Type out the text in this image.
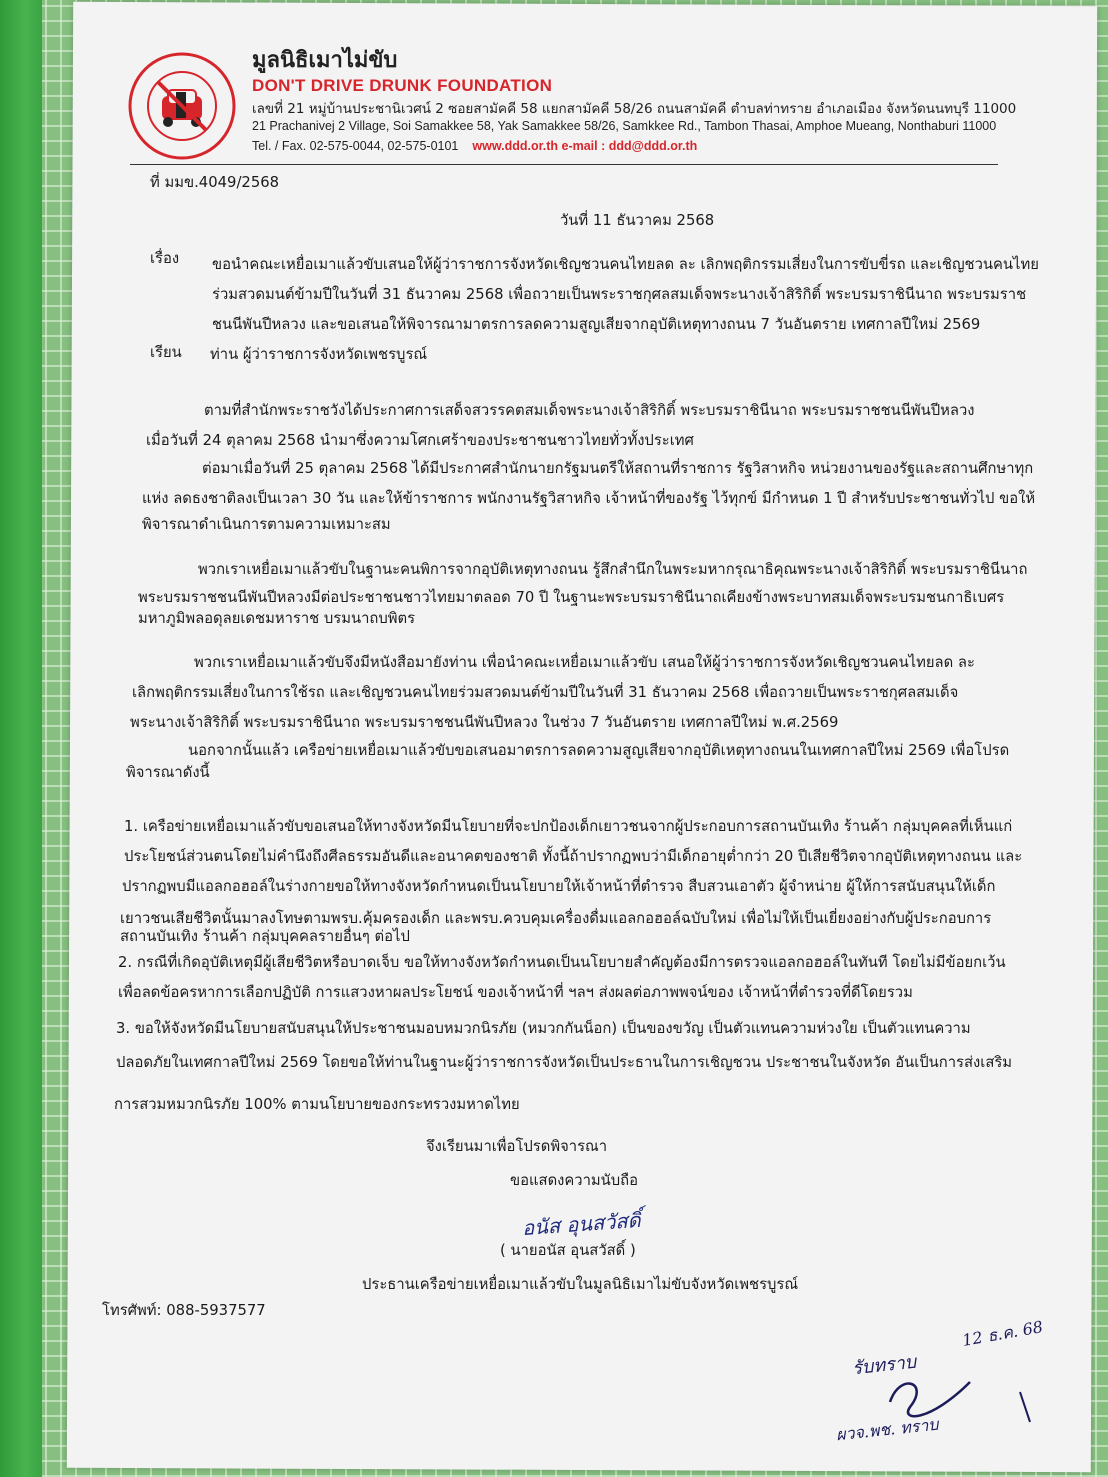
มูลนิธิเมาไม่ขับ
DON'T DRIVE DRUNK FOUNDATION
เลขที่ 21 หมู่บ้านประชานิเวศน์ 2 ซอยสามัคคี 58 แยกสามัคคี 58/26 ถนนสามัคคี ตำบลท่าทราย อำเภอเมือง จังหวัดนนทบุรี 11000
21 Prachanivej 2 Village, Soi Samakkee 58, Yak Samakkee 58/26, Samkkee Rd., Tambon Thasai, Amphoe Mueang, Nonthaburi 11000
Tel. / Fax. 02-575-0044, 02-575-0101 www.ddd.or.th e-mail : ddd@ddd.or.th
ที่ มมข.4049/2568
วันที่ 11 ธันวาคม 2568
เรื่อง ขอนำคณะเหยื่อเมาแล้วขับเสนอให้ผู้ว่าราชการจังหวัดเชิญชวนคนไทยลด ละ เลิกพฤติกรรมเสี่ยงในการขับขี่รถ และเชิญชวนคนไทย
ร่วมสวดมนต์ข้ามปีในวันที่ 31 ธันวาคม 2568 เพื่อถวายเป็นพระราชกุศลสมเด็จพระนางเจ้าสิริกิติ์ พระบรมราชินีนาถ พระบรมราช
ชนนีพันปีหลวง และขอเสนอให้พิจารณามาตรการลดความสูญเสียจากอุบัติเหตุทางถนน 7 วันอันตราย เทศกาลปีใหม่ 2569
เรียน ท่าน ผู้ว่าราชการจังหวัดเพชรบูรณ์
ตามที่สำนักพระราชวังได้ประกาศการเสด็จสวรรคตสมเด็จพระนางเจ้าสิริกิติ์ พระบรมราชินีนาถ พระบรมราชชนนีพันปีหลวง
เมื่อวันที่ 24 ตุลาคม 2568 นำมาซึ่งความโศกเศร้าของประชาชนชาวไทยทั่วทั้งประเทศ
ต่อมาเมื่อวันที่ 25 ตุลาคม 2568 ได้มีประกาศสำนักนายกรัฐมนตรีให้สถานที่ราชการ รัฐวิสาหกิจ หน่วยงานของรัฐและสถานศึกษาทุก
แห่ง ลดธงชาติลงเป็นเวลา 30 วัน และให้ข้าราชการ พนักงานรัฐวิสาหกิจ เจ้าหน้าที่ของรัฐ ไว้ทุกข์ มีกำหนด 1 ปี สำหรับประชาชนทั่วไป ขอให้
พิจารณาดำเนินการตามความเหมาะสม
พวกเราเหยื่อเมาแล้วขับในฐานะคนพิการจากอุบัติเหตุทางถนน รู้สึกสำนึกในพระมหากรุณาธิคุณพระนางเจ้าสิริกิติ์ พระบรมราชินีนาถ
พระบรมราชชนนีพันปีหลวงมีต่อประชาชนชาวไทยมาตลอด 70 ปี ในฐานะพระบรมราชินีนาถเคียงข้างพระบาทสมเด็จพระบรมชนกาธิเบศร
มหาภูมิพลอดุลยเดชมหาราช บรมนาถบพิตร
พวกเราเหยื่อเมาแล้วขับจึงมีหนังสือมายังท่าน เพื่อนำคณะเหยื่อเมาแล้วขับ เสนอให้ผู้ว่าราชการจังหวัดเชิญชวนคนไทยลด ละ
เลิกพฤติกรรมเสี่ยงในการใช้รถ และเชิญชวนคนไทยร่วมสวดมนต์ข้ามปีในวันที่ 31 ธันวาคม 2568 เพื่อถวายเป็นพระราชกุศลสมเด็จ
พระนางเจ้าสิริกิติ์ พระบรมราชินีนาถ พระบรมราชชนนีพันปีหลวง ในช่วง 7 วันอันตราย เทศกาลปีใหม่ พ.ศ.2569
นอกจากนั้นแล้ว เครือข่ายเหยื่อเมาแล้วขับขอเสนอมาตรการลดความสูญเสียจากอุบัติเหตุทางถนนในเทศกาลปีใหม่ 2569 เพื่อโปรด
พิจารณาดังนี้
1. เครือข่ายเหยื่อเมาแล้วขับขอเสนอให้ทางจังหวัดมีนโยบายที่จะปกป้องเด็กเยาวชนจากผู้ประกอบการสถานบันเทิง ร้านค้า กลุ่มบุคคลที่เห็นแก่
ประโยชน์ส่วนตนโดยไม่คำนึงถึงศีลธรรมอันดีและอนาคตของชาติ ทั้งนี้ถ้าปรากฏพบว่ามีเด็กอายุต่ำกว่า 20 ปีเสียชีวิตจากอุบัติเหตุทางถนน และ
ปรากฏพบมีแอลกอฮอล์ในร่างกายขอให้ทางจังหวัดกำหนดเป็นนโยบายให้เจ้าหน้าที่ตำรวจ สืบสวนเอาตัว ผู้จำหน่าย ผู้ให้การสนับสนุนให้เด็ก
เยาวชนเสียชีวิตนั้นมาลงโทษตามพรบ.คุ้มครองเด็ก และพรบ.ควบคุมเครื่องดื่มแอลกอฮอล์ฉบับใหม่ เพื่อไม่ให้เป็นเยี่ยงอย่างกับผู้ประกอบการ
สถานบันเทิง ร้านค้า กลุ่มบุคคลรายอื่นๆ ต่อไป
2. กรณีที่เกิดอุบัติเหตุมีผู้เสียชีวิตหรือบาดเจ็บ ขอให้ทางจังหวัดกำหนดเป็นนโยบายสำคัญต้องมีการตรวจแอลกอฮอล์ในทันที โดยไม่มีข้อยกเว้น
เพื่อลดข้อครหาการเลือกปฏิบัติ การแสวงหาผลประโยชน์ ของเจ้าหน้าที่ ฯลฯ ส่งผลต่อภาพพจน์ของ เจ้าหน้าที่ตำรวจที่ดีโดยรวม
3. ขอให้จังหวัดมีนโยบายสนับสนุนให้ประชาชนมอบหมวกนิรภัย (หมวกกันน็อก) เป็นของขวัญ เป็นตัวแทนความห่วงใย เป็นตัวแทนความ
ปลอดภัยในเทศกาลปีใหม่ 2569 โดยขอให้ท่านในฐานะผู้ว่าราชการจังหวัดเป็นประธานในการเชิญชวน ประชาชนในจังหวัด อันเป็นการส่งเสริม
การสวมหมวกนิรภัย 100% ตามนโยบายของกระทรวงมหาดไทย
จึงเรียนมาเพื่อโปรดพิจารณา
ขอแสดงความนับถือ
อนัส อุนสวัสดิ์
( นายอนัส อุนสวัสดิ์ )
ประธานเครือข่ายเหยื่อเมาแล้วขับในมูลนิธิเมาไม่ขับจังหวัดเพชรบูรณ์
โทรศัพท์: 088-5937577
12 ธ.ค. 68
รับทราบ
ผวจ.พช. ทราบ
